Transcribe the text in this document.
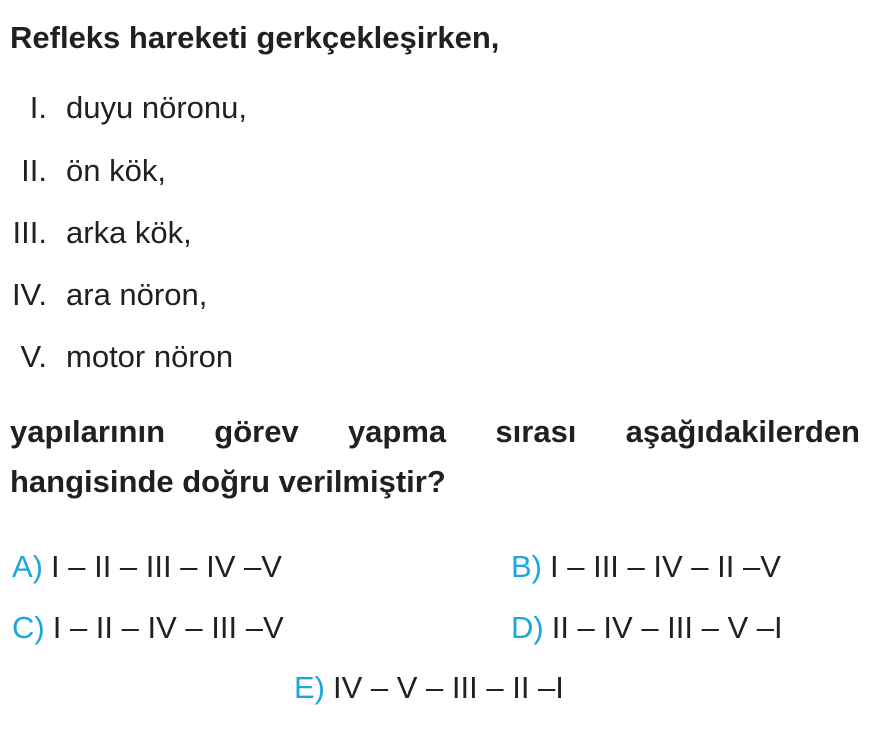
Refleks hareketi gerkçekleşirken,
I. duyu nöronu,
II. ön kök,
III. arka kök,
IV. ara nöron,
V. motor nöron
yapılarının görev yapma sırası aşağıdakilerden
hangisinde doğru verilmiştir?
A) I – II – III – IV –V	B) I – III – IV – II –V
C) I – II – IV – III –V	D) II – IV – III – V –I
E) IV – V – III – II –I
